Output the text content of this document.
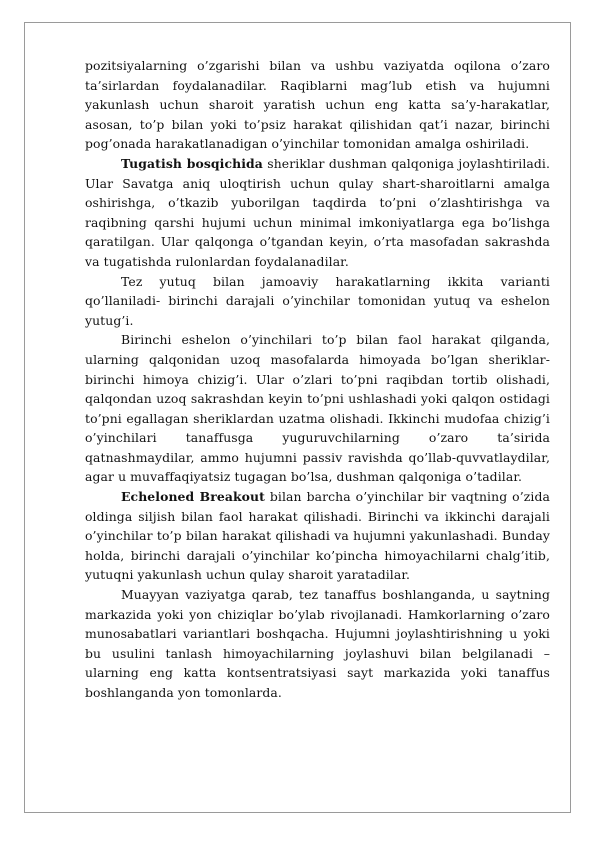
pozitsiyalarning o’zgarishi bilan va ushbu vaziyatda oqilona o’zaro ta’sirlardan foydalanadilar. Raqiblarni mag’lub etish va hujumni yakunlash uchun sharoit yaratish uchun eng katta sa’y-harakatlar, asosan, to’p bilan yoki to’psiz harakat qilishidan qat’i nazar, birinchi pog’onada harakatlanadigan o’yinchilar tomonidan amalga oshiriladi.

Tugatish bosqichida sheriklar dushman qalqoniga joylashtiriladi. Ular Savatga aniq uloqtirish uchun qulay shart-sharoitlarni amalga oshirishga, o’tkazib yuborilgan taqdirda to’pni o’zlashtirishga va raqibning qarshi hujumi uchun minimal imkoniyatlarga ega bo’lishga qaratilgan. Ular qalqonga o’tgandan keyin, o’rta masofadan sakrashda va tugatishda rulonlardan foydalanadilar.

Tez yutuq bilan jamoaviy harakatlarning ikkita varianti qo’llaniladi- birinchi darajali o’yinchilar tomonidan yutuq va eshelon yutug’i.

Birinchi eshelon o’yinchilari to’p bilan faol harakat qilganda, ularning qalqonidan uzoq masofalarda himoyada bo’lgan sheriklar-birinchi himoya chizig’i. Ular o’zlari to’pni raqibdan tortib olishadi, qalqondan uzoq sakrashdan keyin to’pni ushlashadi yoki qalqon ostidagi to’pni egallagan sheriklardan uzatma olishadi. Ikkinchi mudofaa chizig’i o’yinchilari tanaffusga yuguruvchilarning o’zaro ta’sirida qatnashmaydilar, ammo hujumni passiv ravishda qo’llab-quvvatlaydilar, agar u muvaffaqiyatsiz tugagan bo’lsa, dushman qalqoniga o’tadilar.

Echeloned Breakout bilan barcha o’yinchilar bir vaqtning o’zida oldinga siljish bilan faol harakat qilishadi. Birinchi va ikkinchi darajali o’yinchilar to’p bilan harakat qilishadi va hujumni yakunlashadi. Bunday holda, birinchi darajali o’yinchilar ko’pincha himoyachilarni chalg’itib, yutuqni yakunlash uchun qulay sharoit yaratadilar.

Muayyan vaziyatga qarab, tez tanaffus boshlanganda, u saytning markazida yoki yon chiziqlar bo’ylab rivojlanadi. Hamkorlarning o’zaro munosabatlari variantlari boshqacha. Hujumni joylashtirishning u yoki bu usulini tanlash himoyachilarning joylashuvi bilan belgilanadi – ularning eng katta kontsentratsiyasi sayt markazida yoki tanaffus boshlanganda yon tomonlarda.
